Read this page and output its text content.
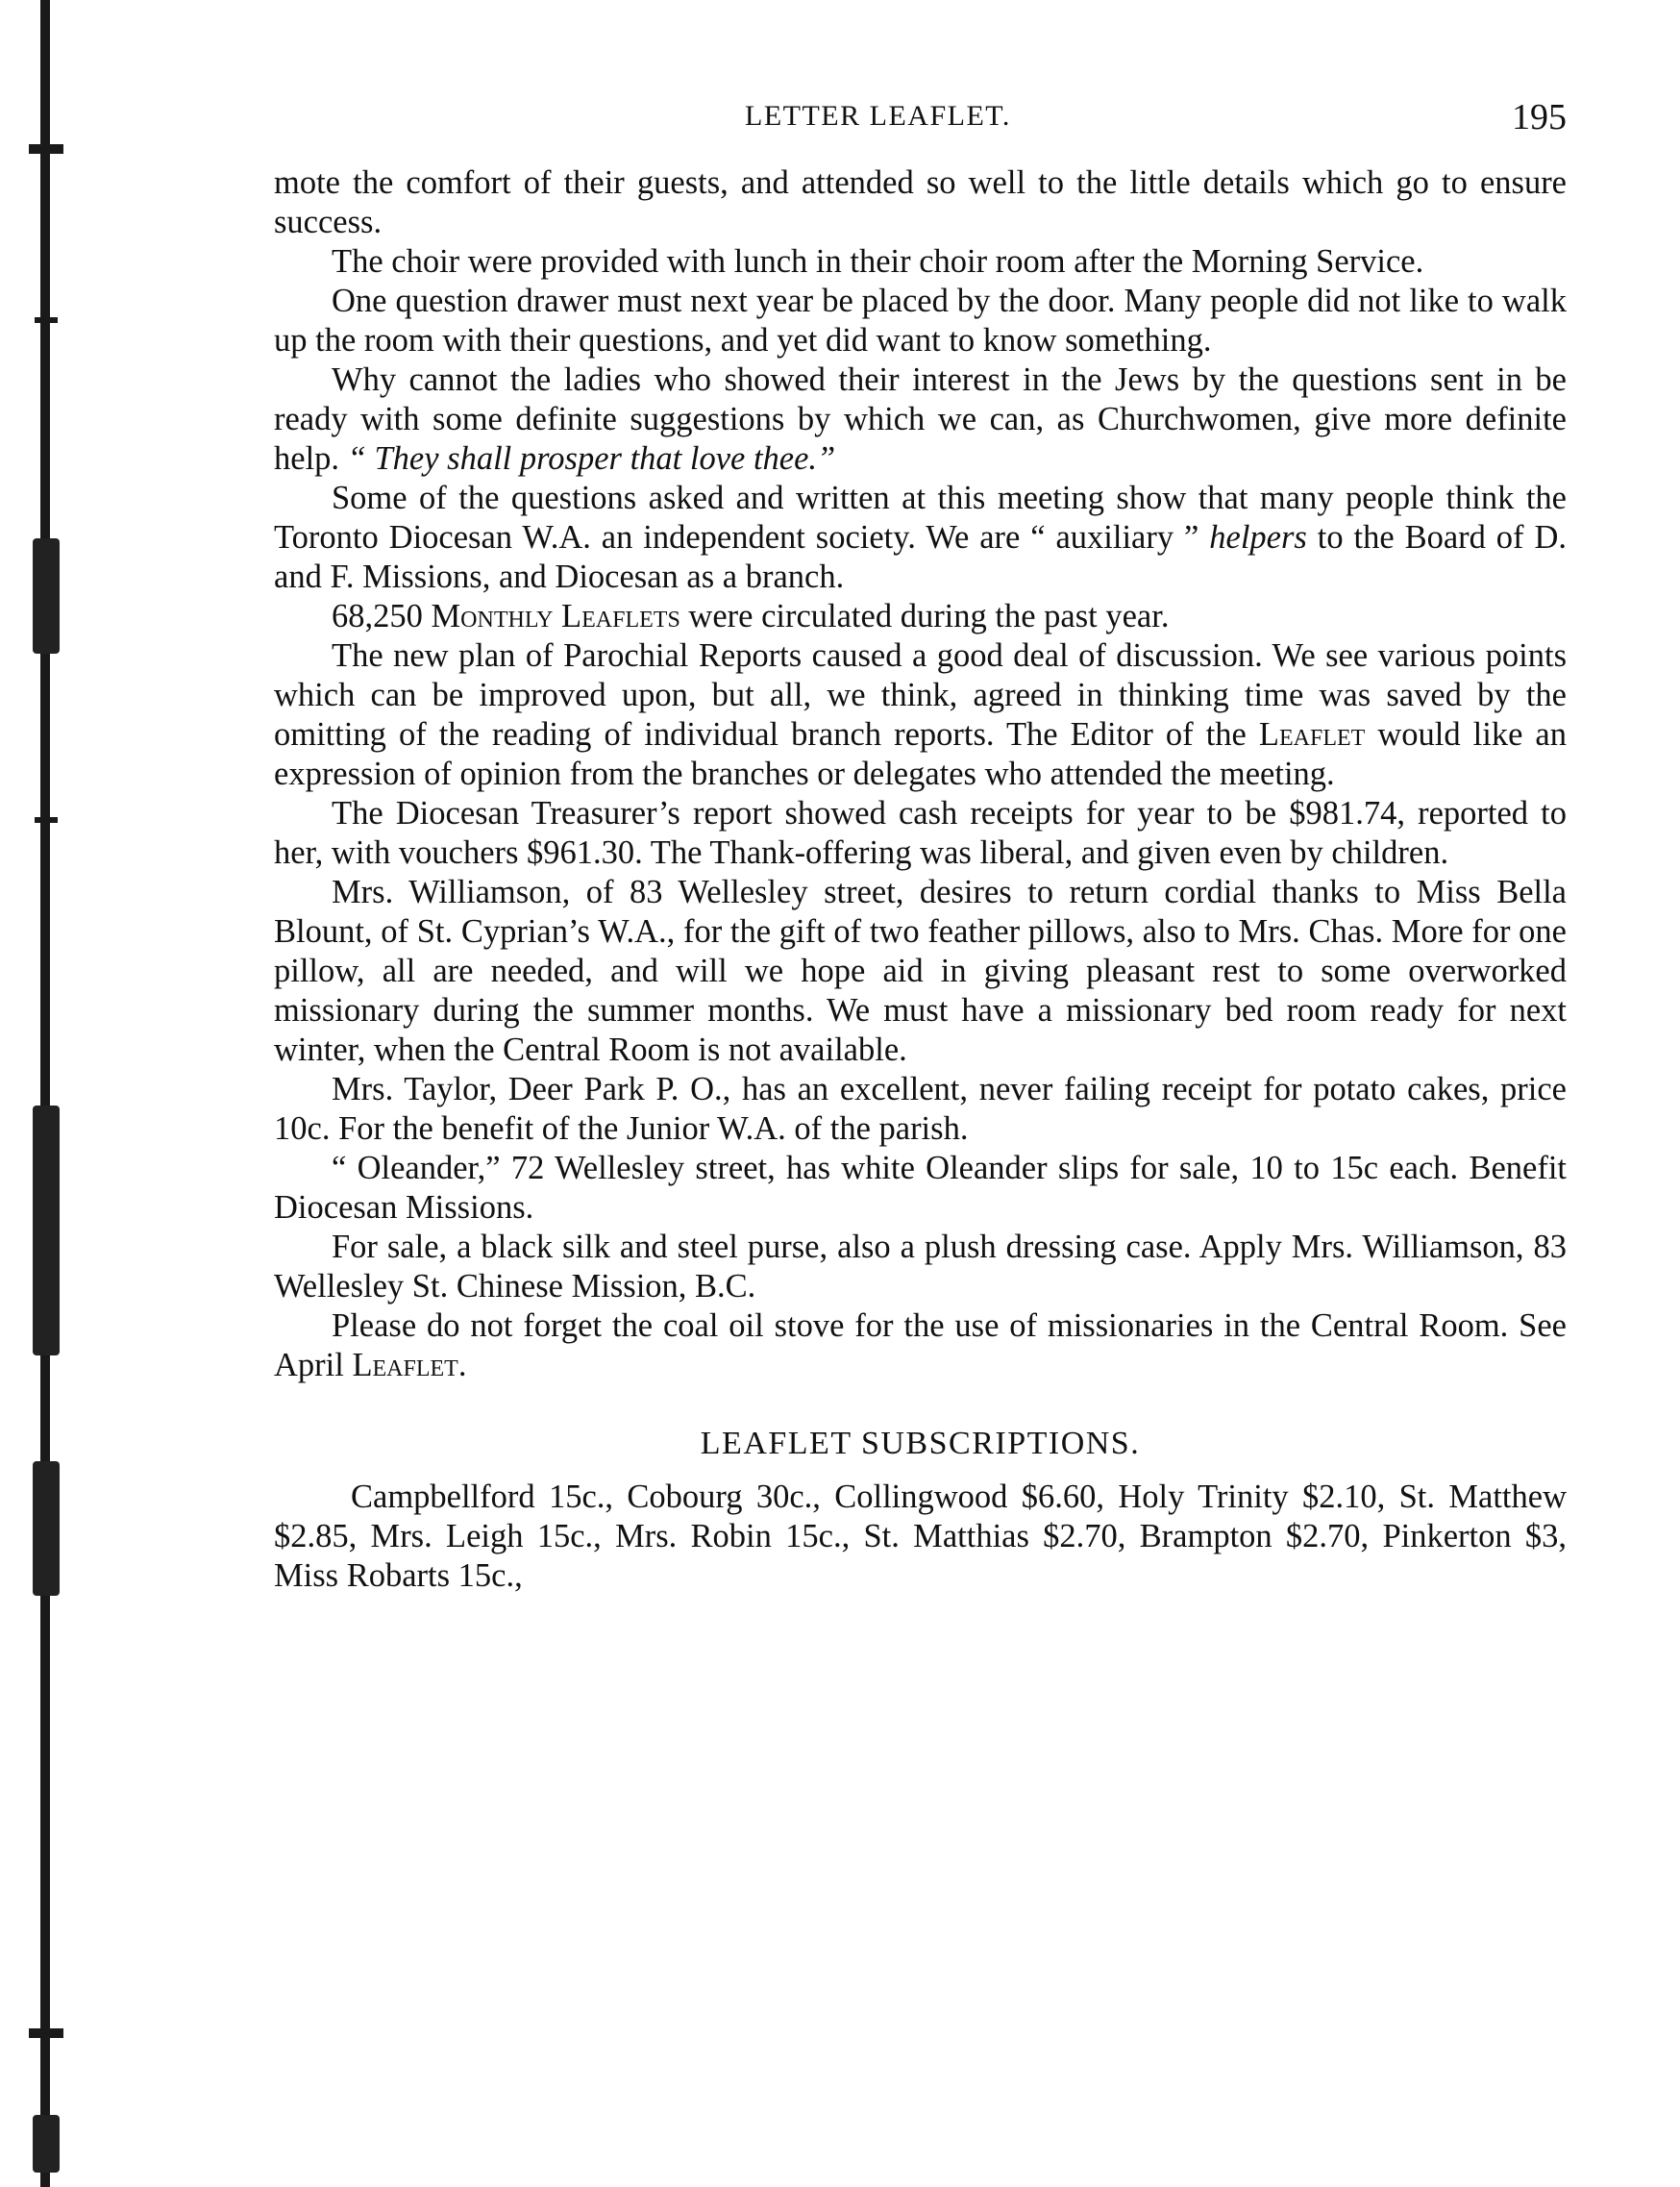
LETTER LEAFLET.	195

mote the comfort of their guests, and attended so well to the little details which go to ensure success.

The choir were provided with lunch in their choir room after the Morning Service.

One question drawer must next year be placed by the door. Many people did not like to walk up the room with their questions, and yet did want to know something.

Why cannot the ladies who showed their interest in the Jews by the questions sent in be ready with some definite suggestions by which we can, as Churchwomen, give more definite help. “ They shall prosper that love thee.”

Some of the questions asked and written at this meeting show that many people think the Toronto Diocesan W.A. an independent society. We are “ auxiliary ” helpers to the Board of D. and F. Missions, and Diocesan as a branch.

68,250 Monthly Leaflets were circulated during the past year.

The new plan of Parochial Reports caused a good deal of discussion. We see various points which can be improved upon, but all, we think, agreed in thinking time was saved by the omitting of the reading of individual branch reports. The Editor of the Leaflet would like an expression of opinion from the branches or delegates who attended the meeting.

The Diocesan Treasurer’s report showed cash receipts for year to be $981.74, reported to her, with vouchers $961.30. The Thank-offering was liberal, and given even by children.

Mrs. Williamson, of 83 Wellesley street, desires to return cordial thanks to Miss Bella Blount, of St. Cyprian’s W.A., for the gift of two feather pillows, also to Mrs. Chas. More for one pillow, all are needed, and will we hope aid in giving pleasant rest to some overworked missionary during the summer months. We must have a missionary bed room ready for next winter, when the Central Room is not available.

Mrs. Taylor, Deer Park P. O., has an excellent, never failing receipt for potato cakes, price 10c. For the benefit of the Junior W.A. of the parish.

“ Oleander,” 72 Wellesley street, has white Oleander slips for sale, 10 to 15c each. Benefit Diocesan Missions.

For sale, a black silk and steel purse, also a plush dressing case. Apply Mrs. Williamson, 83 Wellesley St. Chinese Mission, B.C.

Please do not forget the coal oil stove for the use of missionaries in the Central Room. See April Leaflet.

LEAFLET SUBSCRIPTIONS.

Campbellford 15c., Cobourg 30c., Collingwood $6.60, Holy Trinity $2.10, St. Matthew $2.85, Mrs. Leigh 15c., Mrs. Robin 15c., St. Matthias $2.70, Brampton $2.70, Pinkerton $3, Miss Robarts 15c.,
